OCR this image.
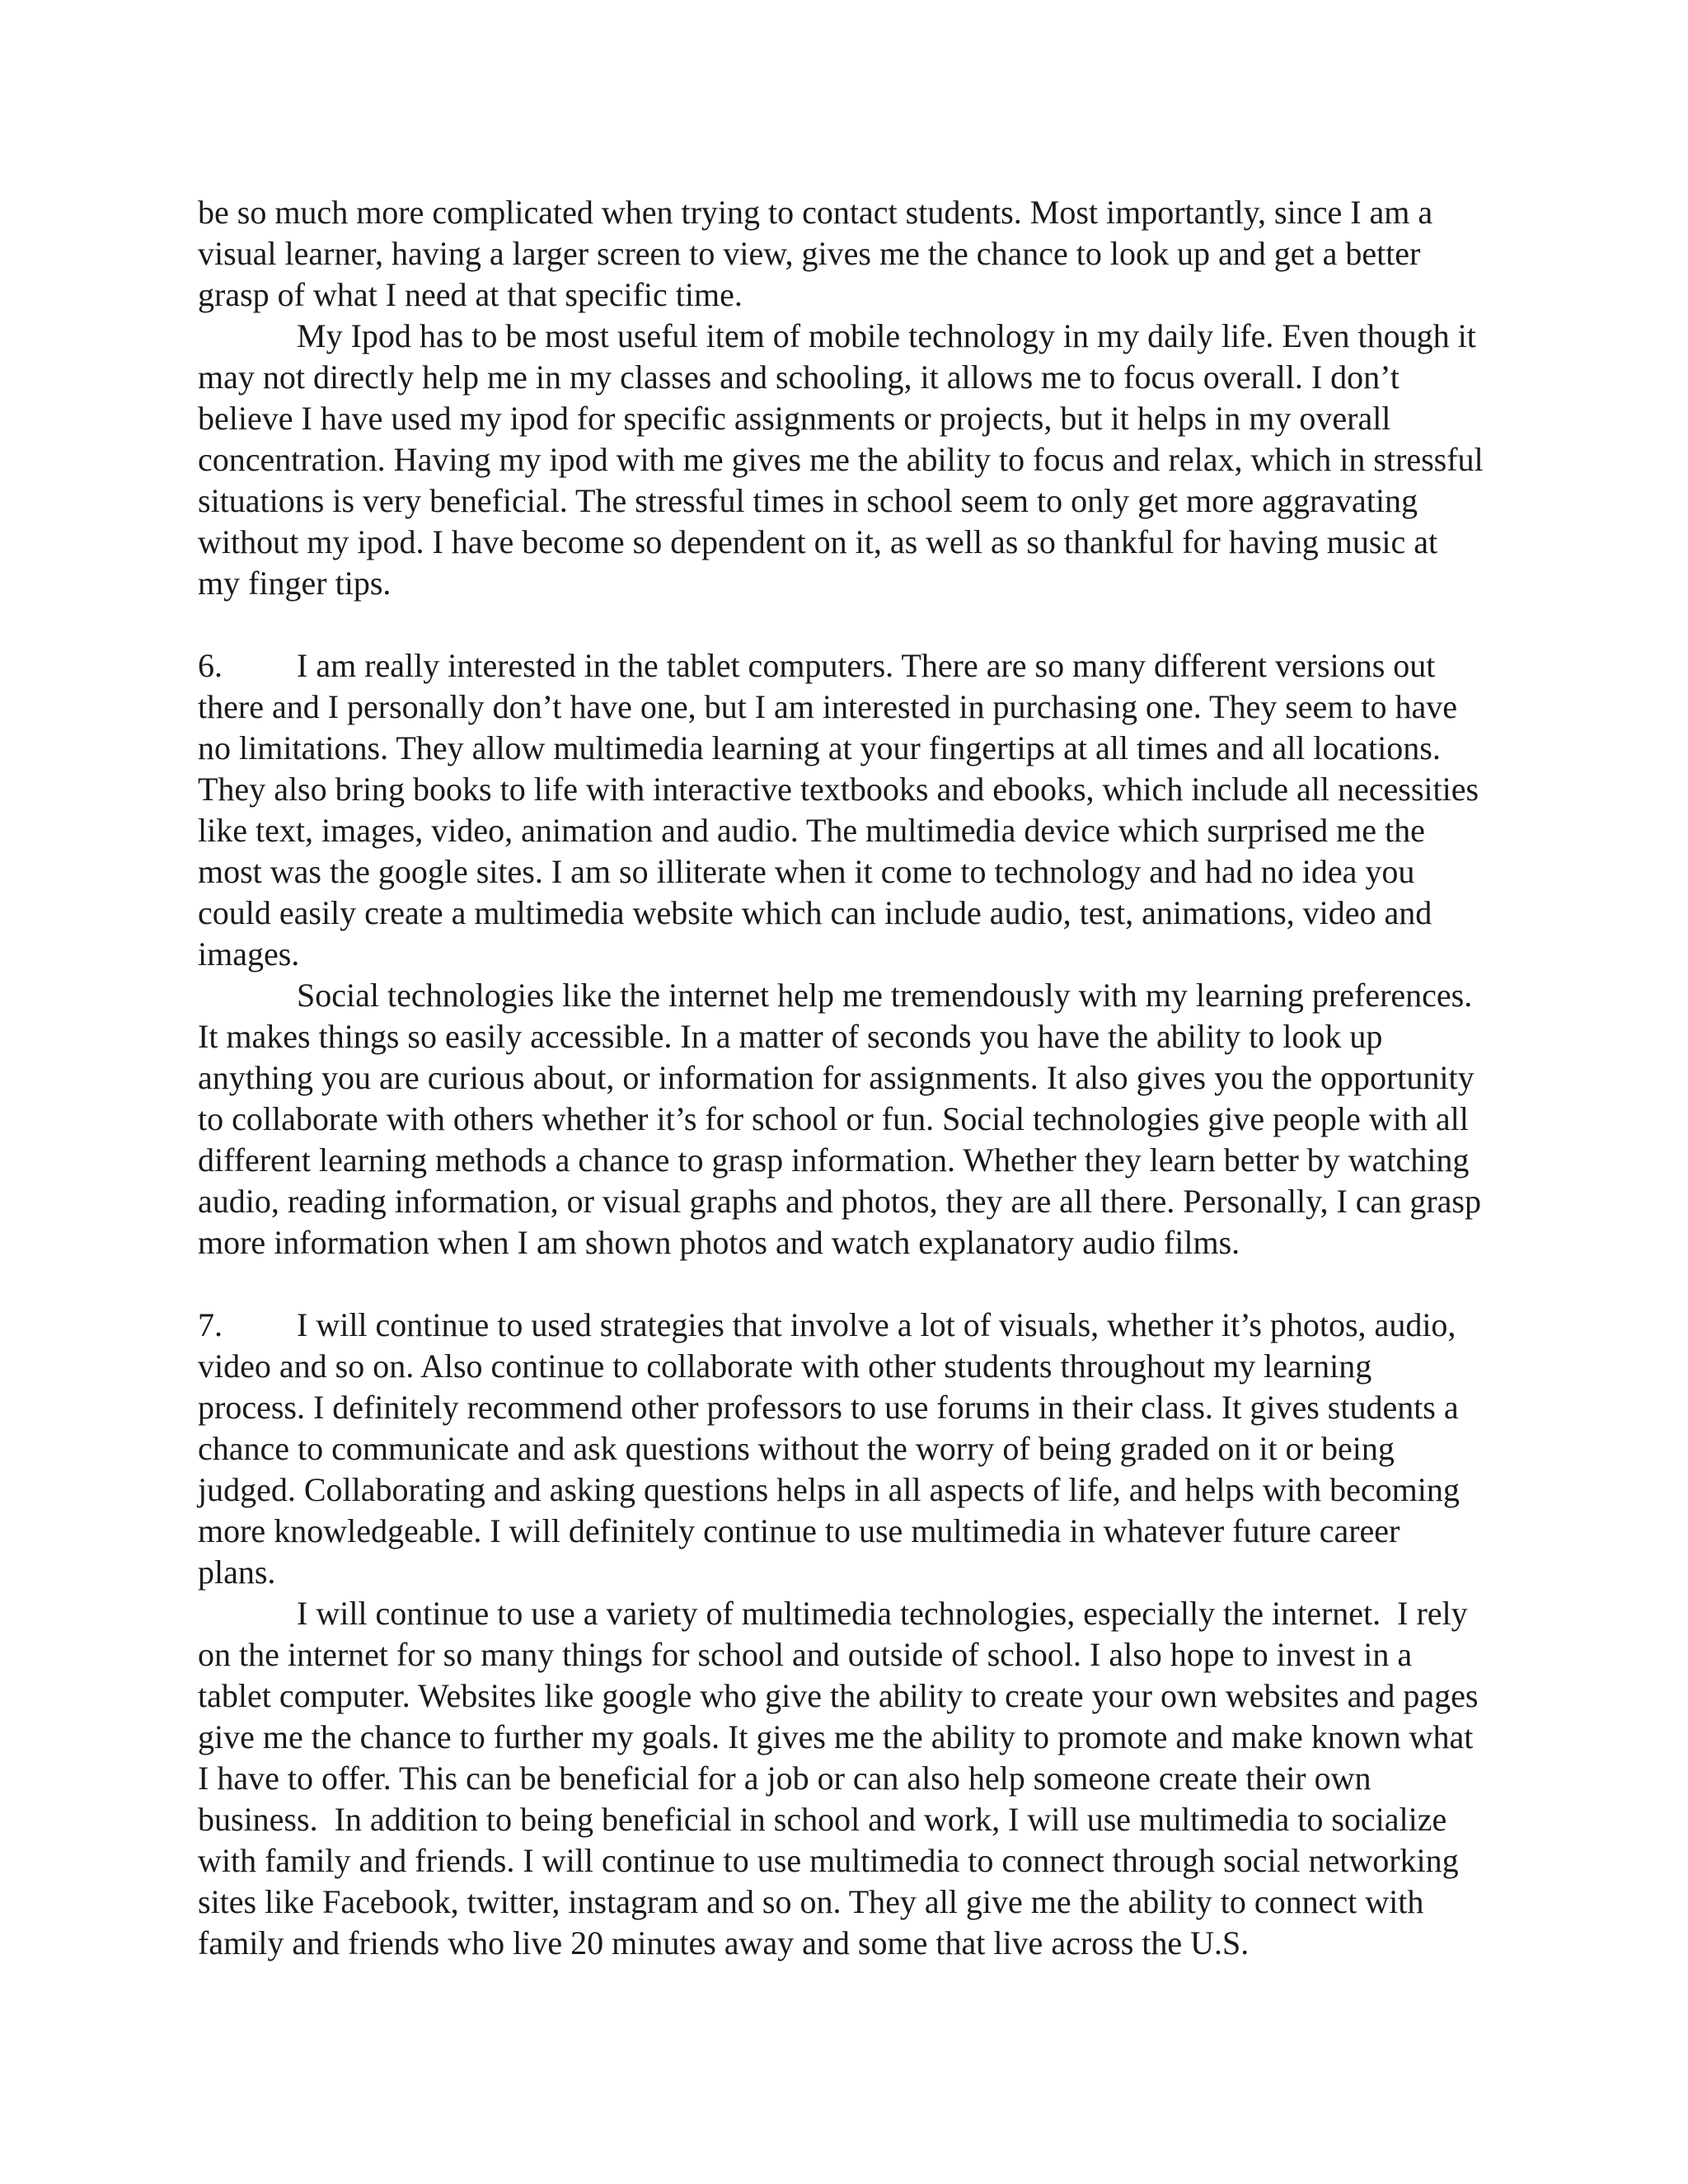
be so much more complicated when trying to contact students. Most importantly, since I am a
visual learner, having a larger screen to view, gives me the chance to look up and get a better
grasp of what I need at that specific time.
My Ipod has to be most useful item of mobile technology in my daily life. Even though it
may not directly help me in my classes and schooling, it allows me to focus overall. I don’t
believe I have used my ipod for specific assignments or projects, but it helps in my overall
concentration. Having my ipod with me gives me the ability to focus and relax, which in stressful
situations is very beneficial. The stressful times in school seem to only get more aggravating
without my ipod. I have become so dependent on it, as well as so thankful for having music at
my finger tips.
6.	I am really interested in the tablet computers. There are so many different versions out
there and I personally don’t have one, but I am interested in purchasing one. They seem to have
no limitations. They allow multimedia learning at your fingertips at all times and all locations.
They also bring books to life with interactive textbooks and ebooks, which include all necessities
like text, images, video, animation and audio. The multimedia device which surprised me the
most was the google sites. I am so illiterate when it come to technology and had no idea you
could easily create a multimedia website which can include audio, test, animations, video and
images.
Social technologies like the internet help me tremendously with my learning preferences.
It makes things so easily accessible. In a matter of seconds you have the ability to look up
anything you are curious about, or information for assignments. It also gives you the opportunity
to collaborate with others whether it’s for school or fun. Social technologies give people with all
different learning methods a chance to grasp information. Whether they learn better by watching
audio, reading information, or visual graphs and photos, they are all there. Personally, I can grasp
more information when I am shown photos and watch explanatory audio films.
7.	I will continue to used strategies that involve a lot of visuals, whether it’s photos, audio,
video and so on. Also continue to collaborate with other students throughout my learning
process. I definitely recommend other professors to use forums in their class. It gives students a
chance to communicate and ask questions without the worry of being graded on it or being
judged. Collaborating and asking questions helps in all aspects of life, and helps with becoming
more knowledgeable. I will definitely continue to use multimedia in whatever future career
plans.
I will continue to use a variety of multimedia technologies, especially the internet.  I rely
on the internet for so many things for school and outside of school. I also hope to invest in a
tablet computer. Websites like google who give the ability to create your own websites and pages
give me the chance to further my goals. It gives me the ability to promote and make known what
I have to offer. This can be beneficial for a job or can also help someone create their own
business.  In addition to being beneficial in school and work, I will use multimedia to socialize
with family and friends. I will continue to use multimedia to connect through social networking
sites like Facebook, twitter, instagram and so on. They all give me the ability to connect with
family and friends who live 20 minutes away and some that live across the U.S.
